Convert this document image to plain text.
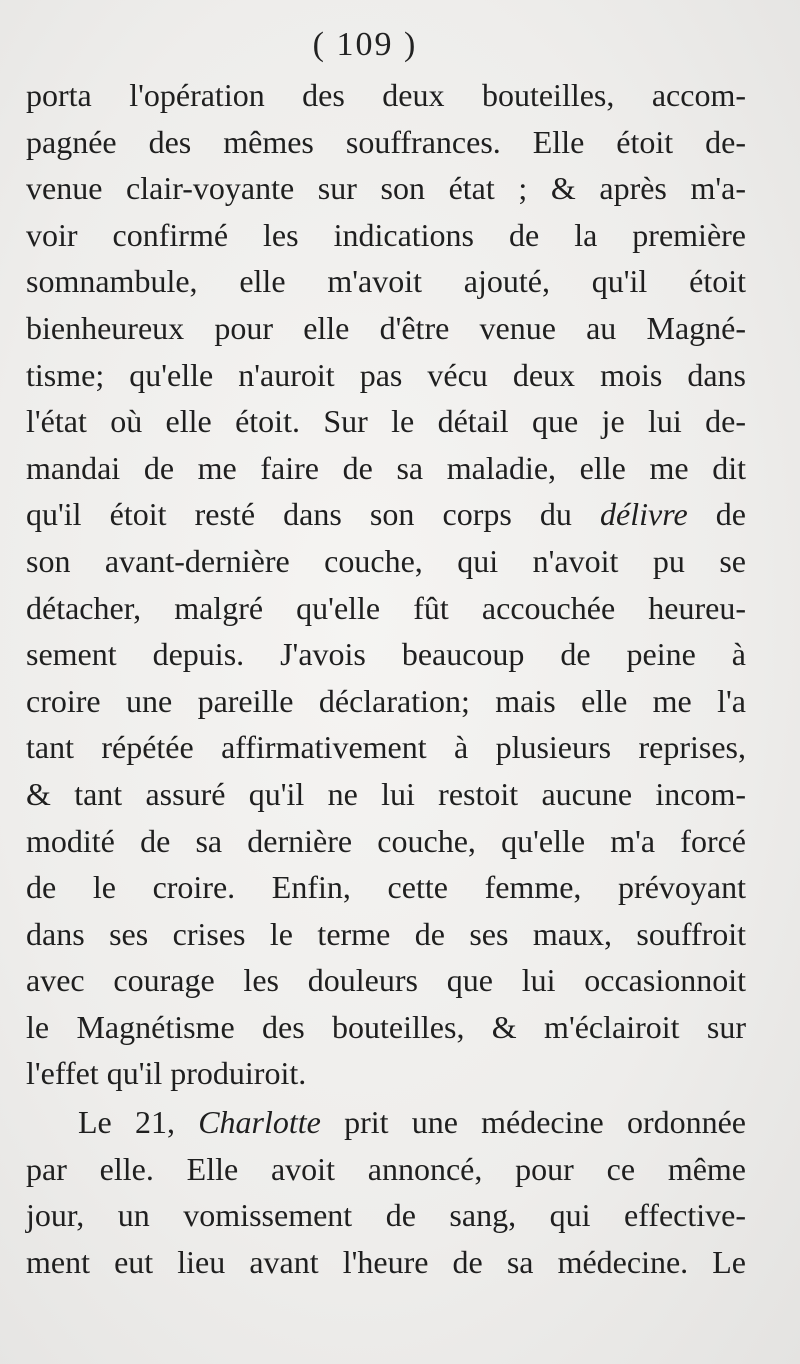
( 109 )
porta l'opération des deux bouteilles, accom-
pagnée des mêmes souffrances. Elle étoit de-
venue clair-voyante sur son état ; & après m'a-
voir confirmé les indications de la première
somnambule, elle m'avoit ajouté, qu'il étoit
bienheureux pour elle d'être venue au Magné-
tisme; qu'elle n'auroit pas vécu deux mois dans
l'état où elle étoit. Sur le détail que je lui de-
mandai de me faire de sa maladie, elle me dit
qu'il étoit resté dans son corps du délivre de
son avant-dernière couche, qui n'avoit pu se
détacher, malgré qu'elle fût accouchée heureu-
sement depuis. J'avois beaucoup de peine à
croire une pareille déclaration; mais elle me l'a
tant répétée affirmativement à plusieurs reprises,
& tant assuré qu'il ne lui restoit aucune incom-
modité de sa dernière couche, qu'elle m'a forcé
de le croire. Enfin, cette femme, prévoyant
dans ses crises le terme de ses maux, souffroit
avec courage les douleurs que lui occasionnoit
le Magnétisme des bouteilles, & m'éclairoit sur
l'effet qu'il produiroit.
Le 21, Charlotte prit une médecine ordonnée
par elle. Elle avoit annoncé, pour ce même
jour, un vomissement de sang, qui effective-
ment eut lieu avant l'heure de sa médecine. Le
